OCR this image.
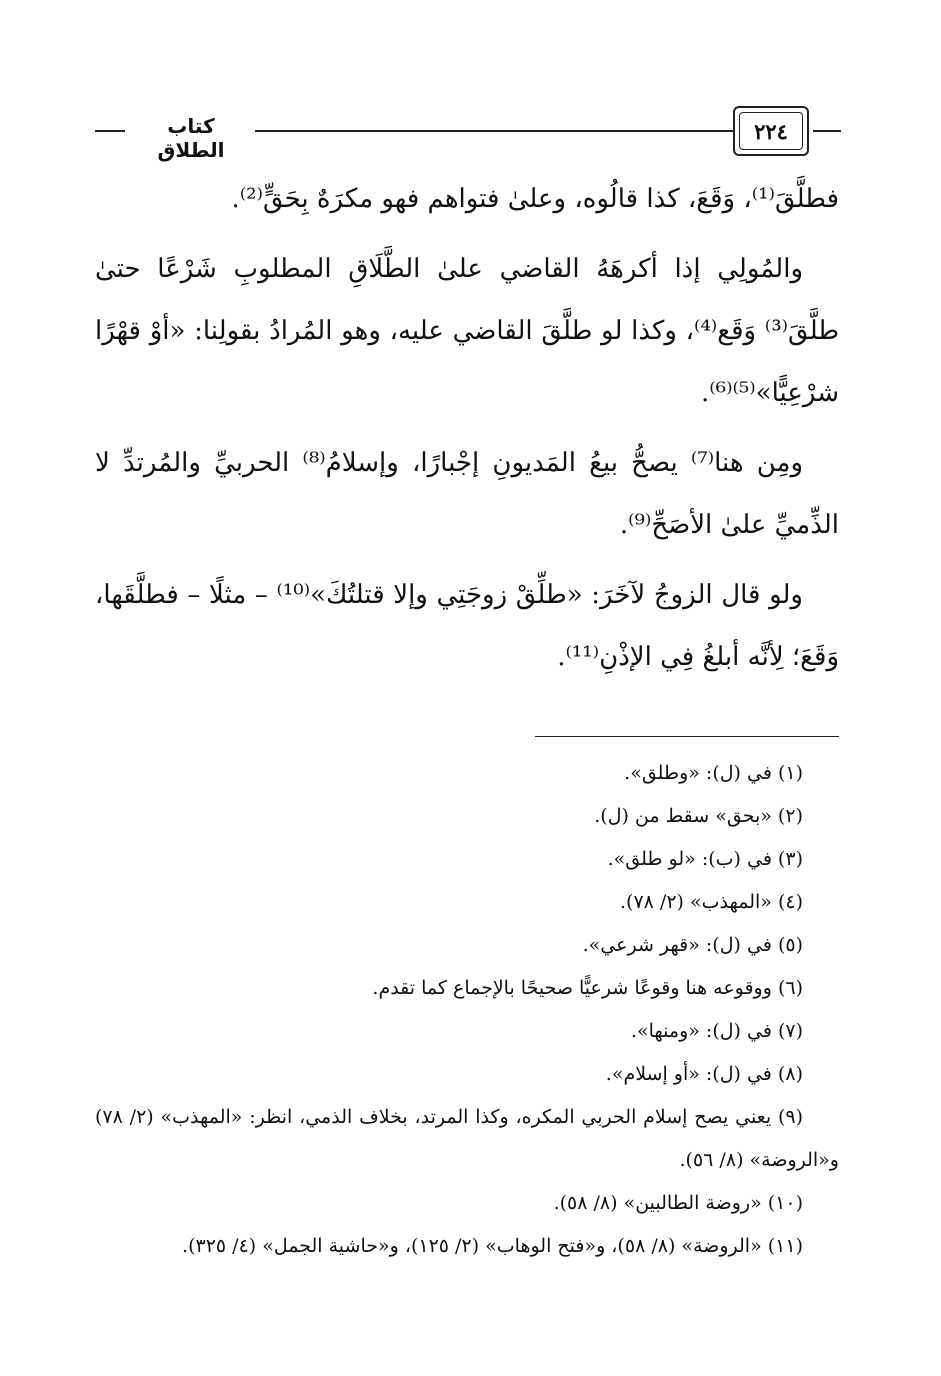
كتاب الطلاق
٢٢٤

فطلَّقَ⁽¹⁾، وَقَعَ، كذا قالُوه، وعلىٰ فتواهم فهو مكرَهٌ بِحَقٍّ⁽²⁾.

والمُولِي إذا أكرهَهُ القاضي علىٰ الطَّلَاقِ المطلوبِ شَرْعًا حتىٰ طلَّقَ⁽³⁾ وَقَع⁽⁴⁾، وكذا لو طلَّقَ القاضي عليه، وهو المُرادُ بقولِنا: «أوْ قهْرًا شرْعِيًّا»⁽⁵⁾⁽⁶⁾.

ومِن هنا⁽⁷⁾ يصحُّ بيعُ المَديونِ إجْبارًا، وإسلامُ⁽⁸⁾ الحربيِّ والمُرتدِّ لا الذِّميِّ علىٰ الأصَحِّ⁽⁹⁾.

ولو قال الزوجُ لآخَرَ: «طلِّقْ زوجَتِي وإلا قتلتُكَ»⁽¹⁰⁾ – مثلًا – فطلَّقَها، وَقَعَ؛ لِأنَّه أبلغُ فِي الإذْنِ⁽¹¹⁾.

(١) في (ل): «وطلق».

(٢) «بحق» سقط من (ل).

(٣) في (ب): «لو طلق».

(٤) «المهذب» (٢/ ٧٨).

(٥) في (ل): «قهر شرعي».

(٦) ووقوعه هنا وقوعًا شرعيًّا صحيحًا بالإجماع كما تقدم.

(٧) في (ل): «ومنها».

(٨) في (ل): «أو إسلام».

(٩) يعني يصح إسلام الحربي المكره، وكذا المرتد، بخلاف الذمي، انظر: «المهذب» (٢/ ٧٨) و«الروضة» (٨/ ٥٦).

(١٠) «روضة الطالبين» (٨/ ٥٨).

(١١) «الروضة» (٨/ ٥٨)، و«فتح الوهاب» (٢/ ١٢٥)، و«حاشية الجمل» (٤/ ٣٢٥).
